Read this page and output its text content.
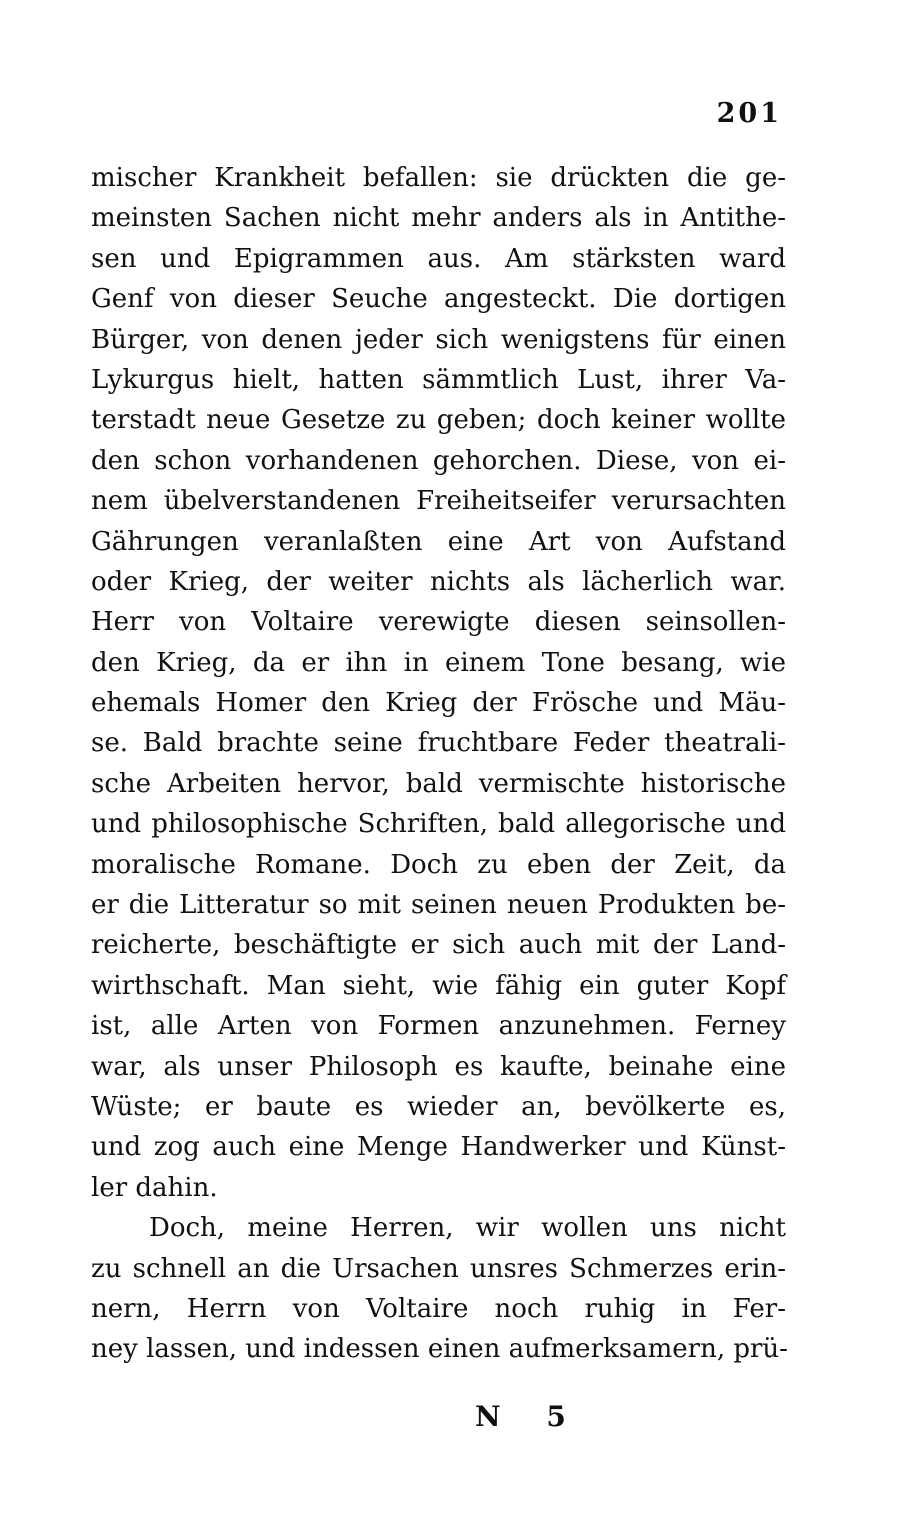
201
mischer Krankheit befallen: sie drückten die ge-
meinsten Sachen nicht mehr anders als in Antithe-
sen und Epigrammen aus. Am stärksten ward
Genf von dieser Seuche angesteckt. Die dortigen
Bürger, von denen jeder sich wenigstens für einen
Lykurgus hielt, hatten sämmtlich Lust, ihrer Va-
terstadt neue Gesetze zu geben; doch keiner wollte
den schon vorhandenen gehorchen. Diese, von ei-
nem übelverstandenen Freiheitseifer verursachten
Gährungen veranlaßten eine Art von Aufstand
oder Krieg, der weiter nichts als lächerlich war.
Herr von Voltaire verewigte diesen seinsollen-
den Krieg, da er ihn in einem Tone besang, wie
ehemals Homer den Krieg der Frösche und Mäu-
se. Bald brachte seine fruchtbare Feder theatrali-
sche Arbeiten hervor, bald vermischte historische
und philosophische Schriften, bald allegorische und
moralische Romane. Doch zu eben der Zeit, da
er die Litteratur so mit seinen neuen Produkten be-
reicherte, beschäftigte er sich auch mit der Land-
wirthschaft. Man sieht, wie fähig ein guter Kopf
ist, alle Arten von Formen anzunehmen. Ferney
war, als unser Philosoph es kaufte, beinahe eine
Wüste; er baute es wieder an, bevölkerte es,
und zog auch eine Menge Handwerker und Künst-
ler dahin.
Doch, meine Herren, wir wollen uns nicht
zu schnell an die Ursachen unsres Schmerzes erin-
nern, Herrn von Voltaire noch ruhig in Fer-
ney lassen, und indessen einen aufmerksamern, prü-
N 5
